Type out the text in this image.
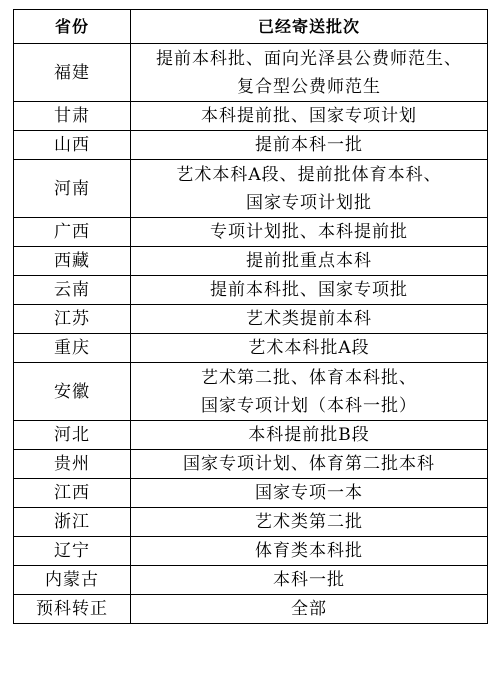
省份	已经寄送批次
福建	提前本科批、面向光泽县公费师范生、
复合型公费师范生

甘肃	本科提前批、国家专项计划

山西	提前本科一批

河南	艺术本科A段、提前批体育本科、
国家专项计划批

广西	专项计划批、本科提前批

西藏	提前批重点本科

云南	提前本科批、国家专项批

江苏	艺术类提前本科

重庆	艺术本科批A段

安徽	艺术第二批、体育本科批、
国家专项计划（本科一批）

河北	本科提前批B段

贵州	国家专项计划、体育第二批本科

江西	国家专项一本

浙江	艺术类第二批

辽宁	体育类本科批

内蒙古	本科一批

预科转正	全部
